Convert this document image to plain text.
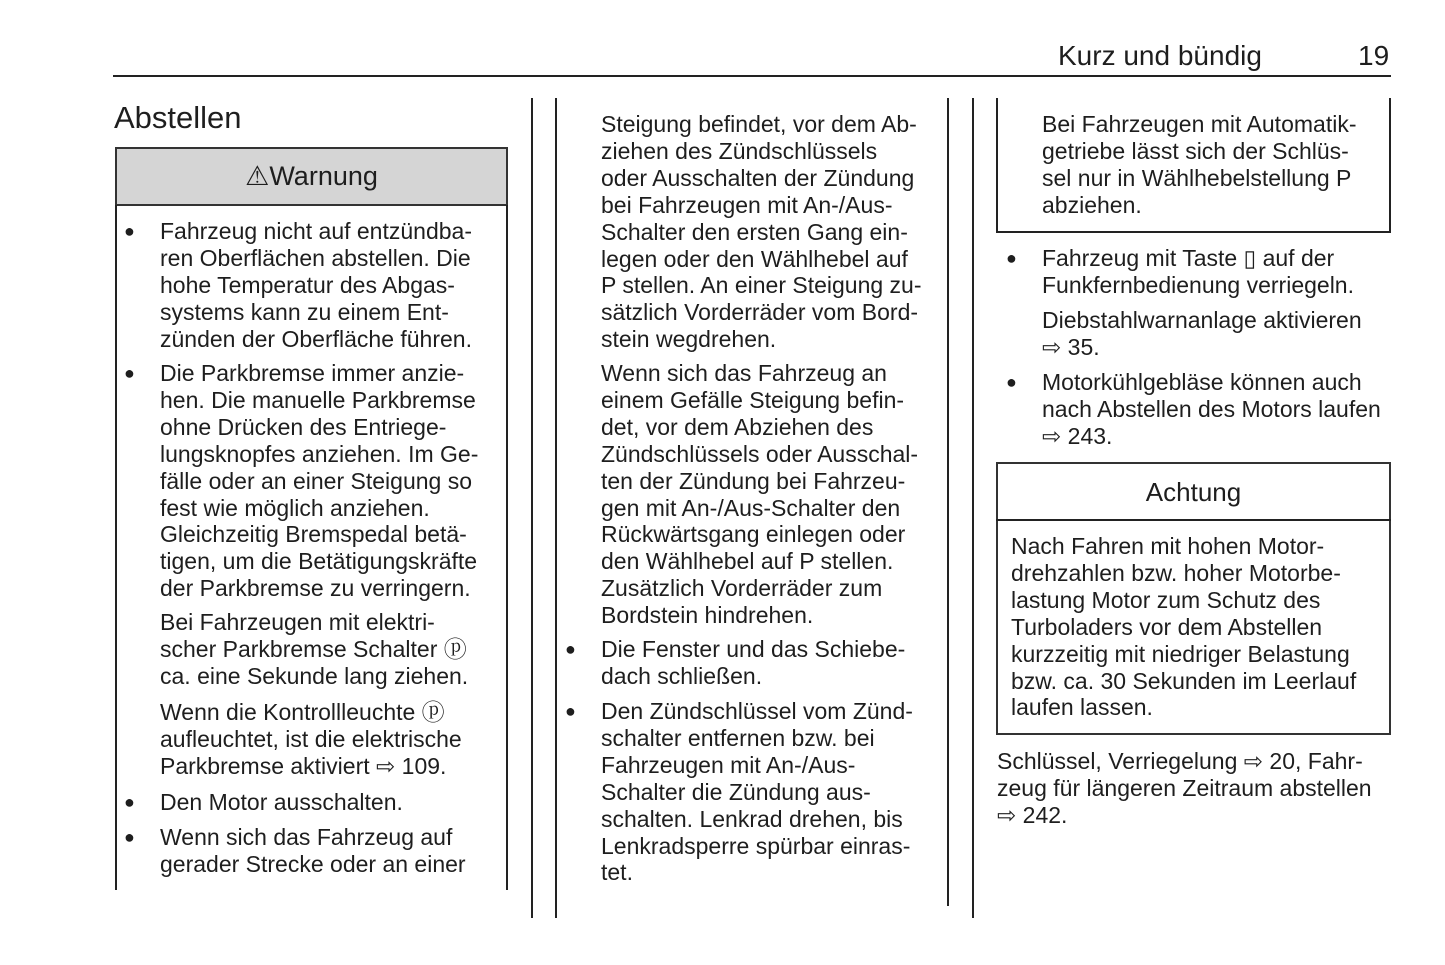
Kurz und bündig	19
Abstellen
⚠Warnung
Achtung
● Fahrzeug nicht auf entzündba-
ren Oberflächen abstellen. Die
hohe Temperatur des Abgas-
systems kann zu einem Ent-
zünden der Oberfläche führen.
● Die Parkbremse immer anzie-
hen. Die manuelle Parkbremse
ohne Drücken des Entriege-
lungsknopfes anziehen. Im Ge-
fälle oder an einer Steigung so
fest wie möglich anziehen.
Gleichzeitig Bremspedal betä-
tigen, um die Betätigungskräfte
der Parkbremse zu verringern.
Bei Fahrzeugen mit elektri-
scher Parkbremse Schalter ⓟ
ca. eine Sekunde lang ziehen.
Wenn die Kontrollleuchte ⓟ
aufleuchtet, ist die elektrische
Parkbremse aktiviert ⇨ 109.
● Den Motor ausschalten.
● Wenn sich das Fahrzeug auf
gerader Strecke oder an einer
Steigung befindet, vor dem Ab-
ziehen des Zündschlüssels
oder Ausschalten der Zündung
bei Fahrzeugen mit An-/Aus-
Schalter den ersten Gang ein-
legen oder den Wählhebel auf
P stellen. An einer Steigung zu-
sätzlich Vorderräder vom Bord-
stein wegdrehen.
Wenn sich das Fahrzeug an
einem Gefälle Steigung befin-
det, vor dem Abziehen des
Zündschlüssels oder Ausschal-
ten der Zündung bei Fahrzeu-
gen mit An-/Aus-Schalter den
Rückwärtsgang einlegen oder
den Wählhebel auf P stellen.
Zusätzlich Vorderräder zum
Bordstein hindrehen.
● Die Fenster und das Schiebe-
dach schließen.
● Den Zündschlüssel vom Zünd-
schalter entfernen bzw. bei
Fahrzeugen mit An-/Aus-
Schalter die Zündung aus-
schalten. Lenkrad drehen, bis
Lenkradsperre spürbar einras-
tet.
Bei Fahrzeugen mit Automatik-
getriebe lässt sich der Schlüs-
sel nur in Wählhebelstellung P
abziehen.
● Fahrzeug mit Taste ▯ auf der
Funkfernbedienung verriegeln.
Diebstahlwarnanlage aktivieren
⇨ 35.
● Motorkühlgebläse können auch
nach Abstellen des Motors laufen
⇨ 243.
Nach Fahren mit hohen Motor-
drehzahlen bzw. hoher Motorbe-
lastung Motor zum Schutz des
Turboladers vor dem Abstellen
kurzzeitig mit niedriger Belastung
bzw. ca. 30 Sekunden im Leerlauf
laufen lassen.
Schlüssel, Verriegelung ⇨ 20, Fahr-
zeug für längeren Zeitraum abstellen
⇨ 242.
